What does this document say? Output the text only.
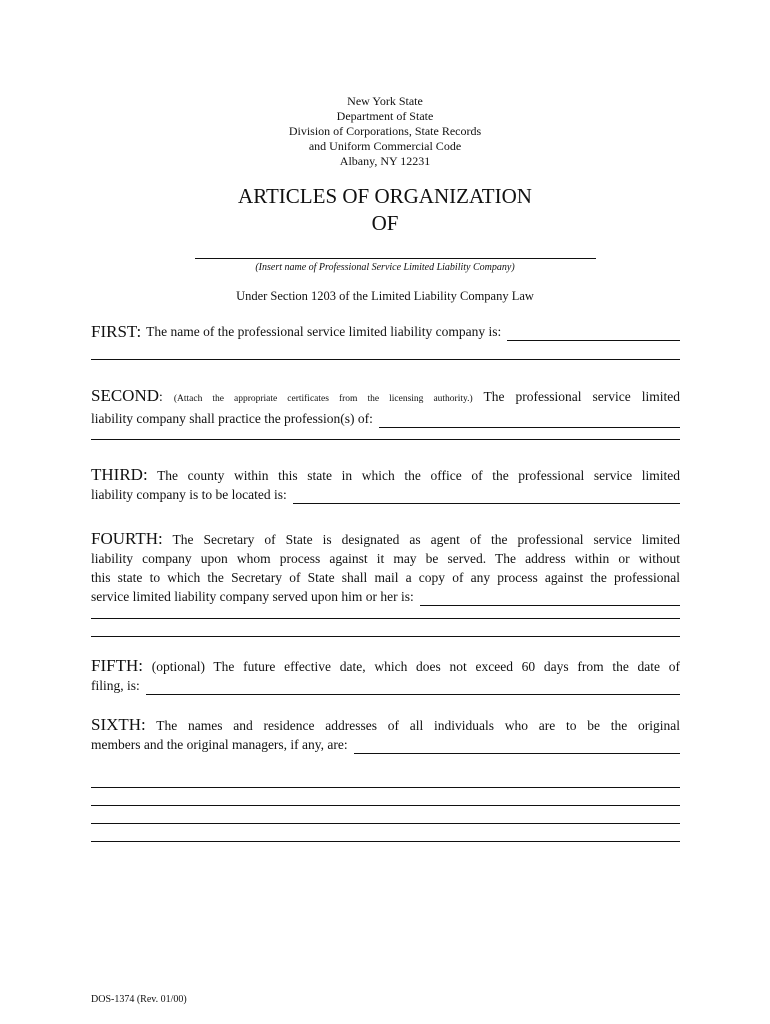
New York State
Department of State
Division of Corporations, State Records
and Uniform Commercial Code
Albany, NY 12231
ARTICLES OF ORGANIZATION
OF
(Insert name of Professional Service Limited Liability Company)
Under Section 1203 of the Limited Liability Company Law
FIRST: The name of the professional service limited liability company is:
SECOND: (Attach the appropriate certificates from the licensing authority.) The professional service limited
liability company shall practice the profession(s) of:
THIRD: The county within this state in which the office of the professional service limited
liability company is to be located is:
FOURTH: The Secretary of State is designated as agent of the professional service limited
liability company upon whom process against it may be served. The address within or without
this state to which the Secretary of State shall mail a copy of any process against the professional
service limited liability company served upon him or her is:
FIFTH: (optional) The future effective date, which does not exceed 60 days from the date of
filing, is:
SIXTH: The names and residence addresses of all individuals who are to be the original
members and the original managers, if any, are:
DOS-1374 (Rev. 01/00)
